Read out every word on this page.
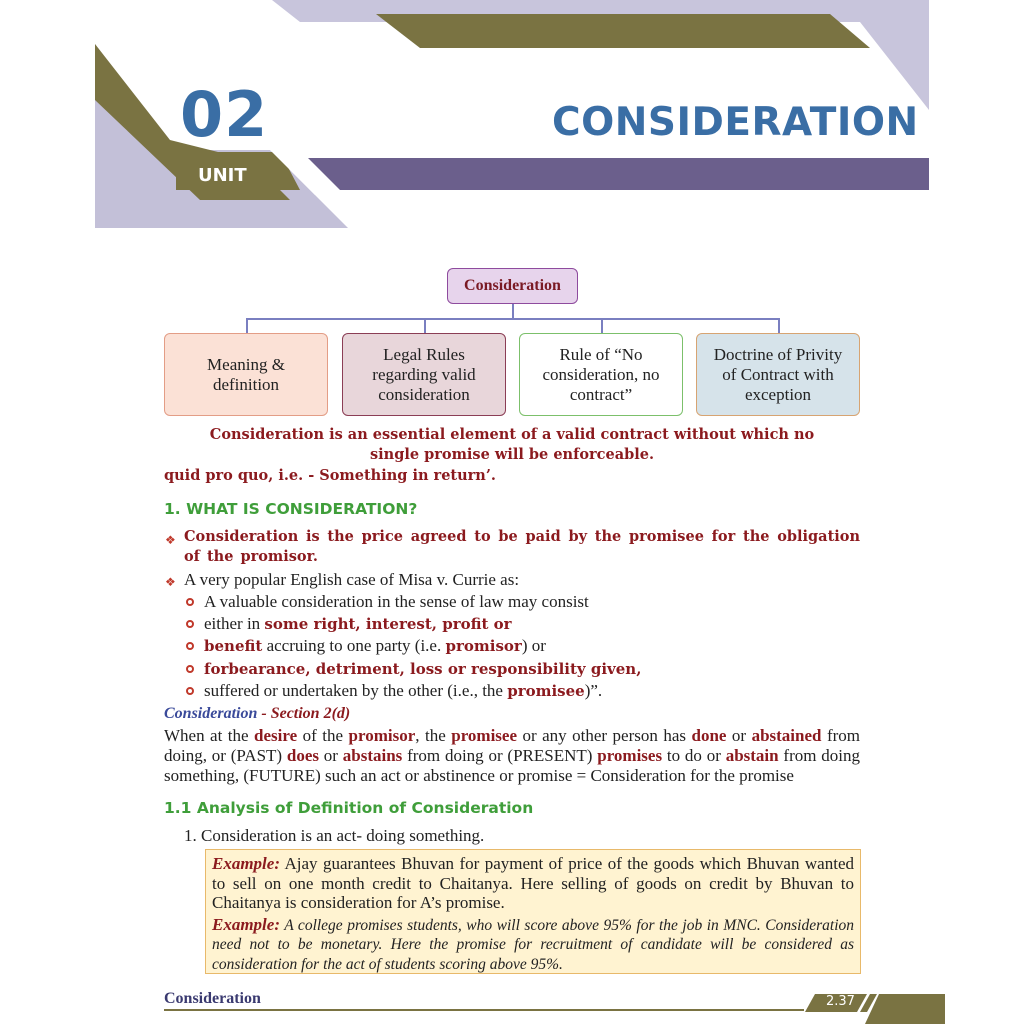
02
UNIT
CONSIDERATION
Consideration
Meaning & definition
Legal Rules regarding valid consideration
Rule of “No consideration, no contract”
Doctrine of Privity of Contract with exception
Consideration is an essential element of a valid contract without which no
single promise will be enforceable.
quid pro quo, i.e. - Something in return’.
1. WHAT IS CONSIDERATION?
❖ Consideration is the price agreed to be paid by the promisee for the obligation of the promisor.
❖ A very popular English case of Misa v. Currie as:
A valuable consideration in the sense of law may consist
either in some right, interest, profit or
benefit accruing to one party (i.e. promisor) or
forbearance, detriment, loss or responsibility given,
suffered or undertaken by the other (i.e., the promisee)”.
Consideration - Section 2(d)
When at the desire of the promisor, the promisee or any other person has done or abstained from doing, or (PAST) does or abstains from doing or (PRESENT) promises to do or abstain from doing something, (FUTURE) such an act or abstinence or promise = Consideration for the promise
1.1 Analysis of Definition of Consideration
1. Consideration is an act- doing something.

Example: Ajay guarantees Bhuvan for payment of price of the goods which Bhuvan wanted to sell on one month credit to Chaitanya. Here selling of goods on credit by Bhuvan to Chaitanya is consideration for A’s promise.

Example: A college promises students, who will score above 95% for the job in MNC. Consideration need not to be monetary. Here the promise for recruitment of candidate will be considered as consideration for the act of students scoring above 95%.

Consideration	2.37
